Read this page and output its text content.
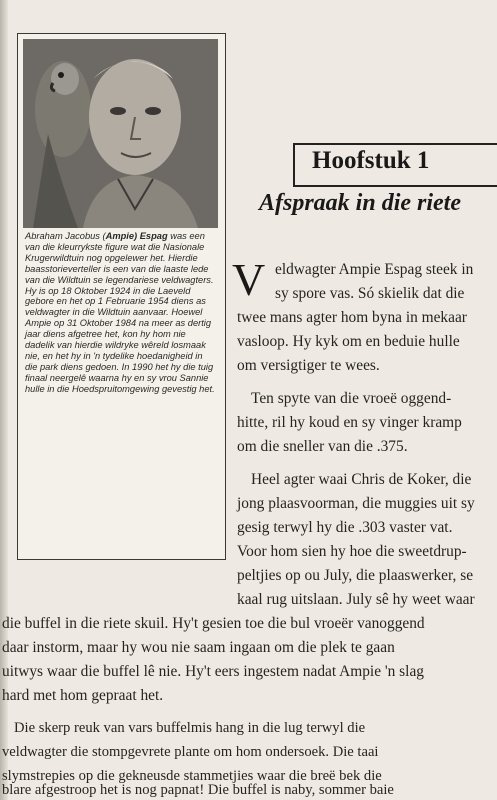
Abraham Jacobus (Ampie) Espag was een van die kleurrykste figure wat die Nasionale Krugerwildtuin nog opgelewer het. Hierdie baasstorieverteller is een van die laaste lede van die Wildtuin se legendariese veldwagters. Hy is op 18 Oktober 1924 in die Laeveld gebore en het op 1 Februarie 1954 diens as veldwagter in die Wildtuin aanvaar. Hoewel Ampie op 31 Oktober 1984 na meer as dertig jaar diens afgetree het, kon hy hom nie dadelik van hierdie wildryke wêreld losmaak nie, en het hy in 'n tydelike hoedanigheid in die park diens gedoen. In 1990 het hy die tuig finaal neergelê waarna hy en sy vrou Sannie hulle in die Hoedspruitomgewing gevestig het.
Hoofstuk 1
Afspraak in die riete
V eldwagter Ampie Espag steek in
sy spore vas. Só skielik dat die
twee mans agter hom byna in mekaar
vasloop. Hy kyk om en beduie hulle
om versigtiger te wees.
Ten spyte van die vroeë oggend-
hitte, ril hy koud en sy vinger kramp
om die sneller van die .375.
Heel agter waai Chris de Koker, die
jong plaasvoorman, die muggies uit sy
gesig terwyl hy die .303 vaster vat.
Voor hom sien hy hoe die sweetdrup-
peltjies op ou July, die plaaswerker, se
kaal rug uitslaan. July sê hy weet waar
die buffel in die riete skuil. Hy't gesien toe die bul vroeër vanoggend
daar instorm, maar hy wou nie saam ingaan om die plek te gaan
uitwys waar die buffel lê nie. Hy't eers ingestem nadat Ampie 'n slag
hard met hom gepraat het.
Die skerp reuk van vars buffelmis hang in die lug terwyl die
veldwagter die stompgevrete plante om hom ondersoek. Die taai
slymstrepies op die gekneusde stammetjies waar die breë bek die
blare afgestroop het is nog papnat! Die buffel is naby, sommer baie
